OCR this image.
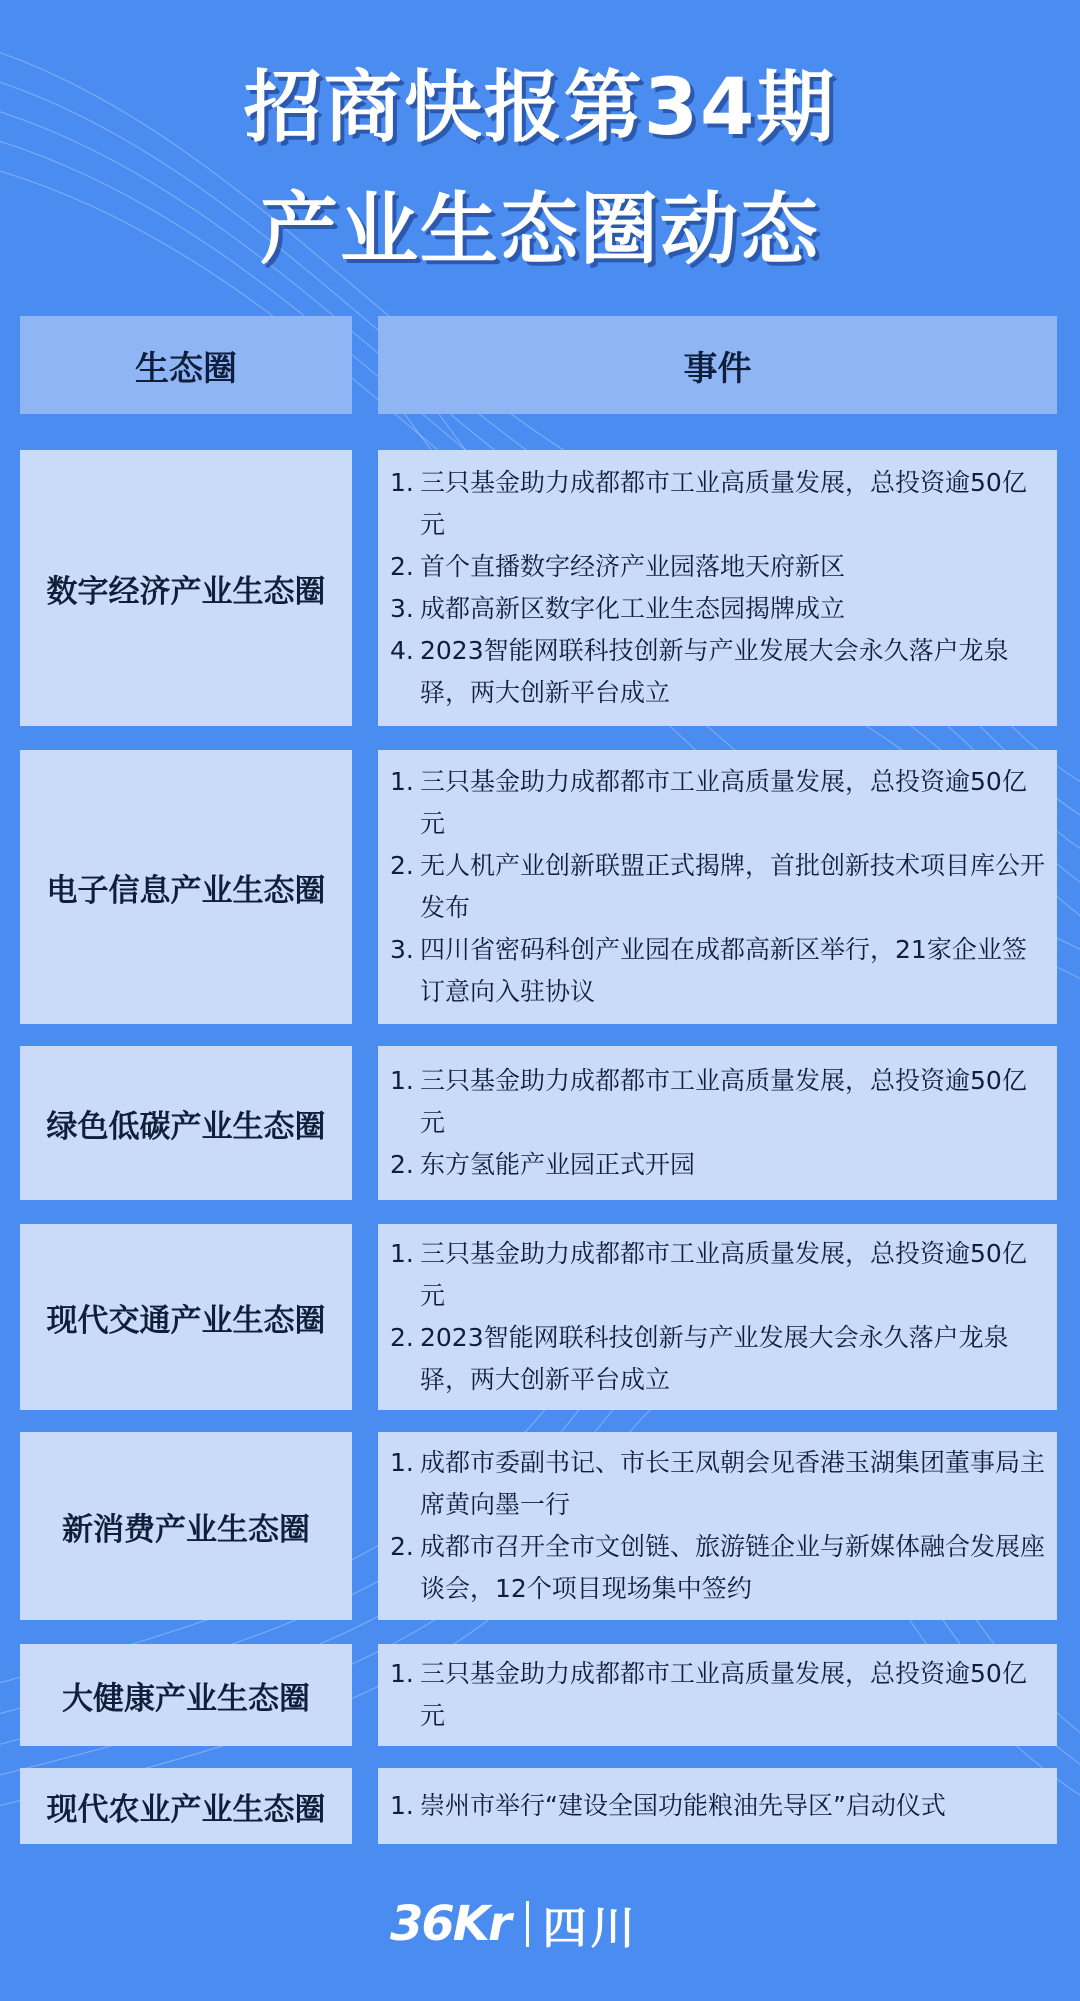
招商快报第34期
产业生态圈动态
生态圈	事件
数字经济产业生态圈
1. 三只基金助力成都都市工业高质量发展，总投资逾50亿元
2. 首个直播数字经济产业园落地天府新区
3. 成都高新区数字化工业生态园揭牌成立
4. 2023智能网联科技创新与产业发展大会永久落户龙泉驿，两大创新平台成立
电子信息产业生态圈
1. 三只基金助力成都都市工业高质量发展，总投资逾50亿元
2. 无人机产业创新联盟正式揭牌，首批创新技术项目库公开发布
3. 四川省密码科创产业园在成都高新区举行，21家企业签订意向入驻协议
绿色低碳产业生态圈
1. 三只基金助力成都都市工业高质量发展，总投资逾50亿元
2. 东方氢能产业园正式开园
现代交通产业生态圈
1. 三只基金助力成都都市工业高质量发展，总投资逾50亿元
2. 2023智能网联科技创新与产业发展大会永久落户龙泉驿，两大创新平台成立
新消费产业生态圈
1. 成都市委副书记、市长王凤朝会见香港玉湖集团董事局主席黄向墨一行
2. 成都市召开全市文创链、旅游链企业与新媒体融合发展座谈会，12个项目现场集中签约
大健康产业生态圈
1. 三只基金助力成都都市工业高质量发展，总投资逾50亿元
现代农业产业生态圈	1. 崇州市举行“建设全国功能粮油先导区”启动仪式
36Kr 四川
